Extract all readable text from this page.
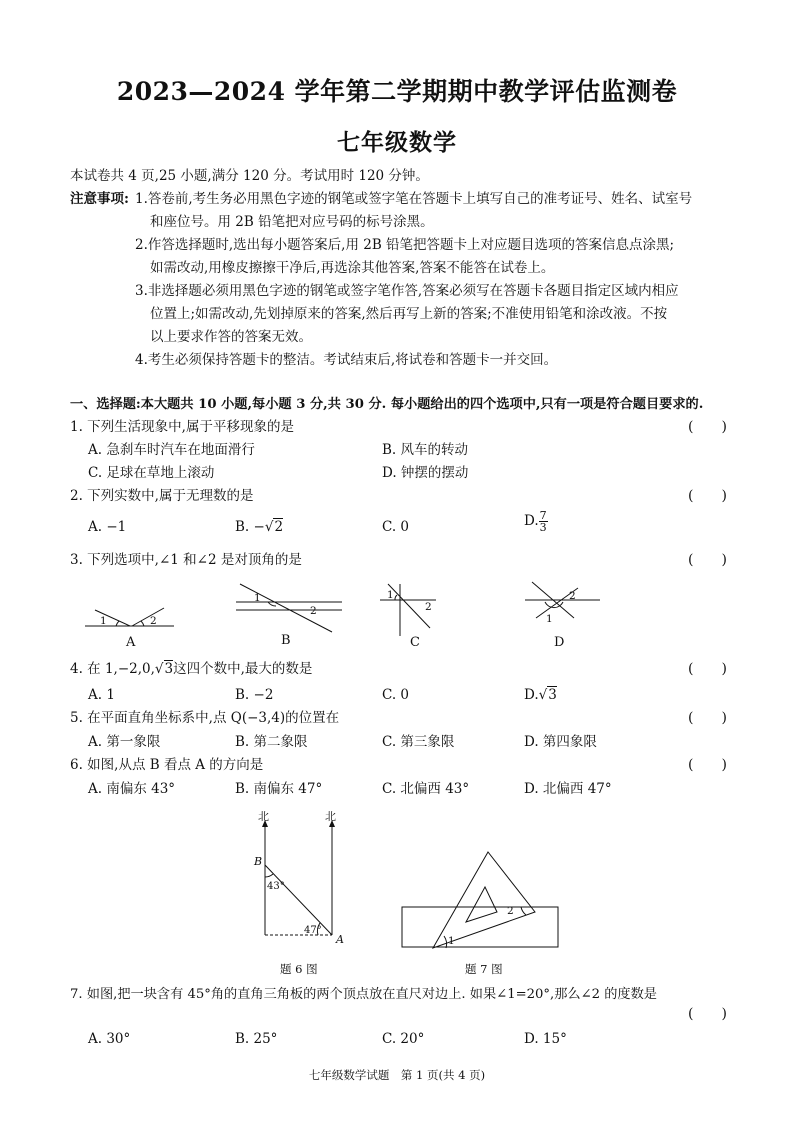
2023—2024 学年第二学期期中教学评估监测卷
七年级数学
本试卷共 4 页,25 小题,满分 120 分。考试用时 120 分钟。
注意事项: 1.答卷前,考生务必用黑色字迹的钢笔或签字笔在答题卡上填写自己的准考证号、姓名、试室号
和座位号。用 2B 铅笔把对应号码的标号涂黑。
2.作答选择题时,选出每小题答案后,用 2B 铅笔把答题卡上对应题目选项的答案信息点涂黑;
如需改动,用橡皮擦擦干净后,再选涂其他答案,答案不能答在试卷上。
3.非选择题必须用黑色字迹的钢笔或签字笔作答,答案必须写在答题卡各题目指定区域内相应
位置上;如需改动,先划掉原来的答案,然后再写上新的答案;不准使用铅笔和涂改液。不按
以上要求作答的答案无效。
4.考生必须保持答题卡的整洁。考试结束后,将试卷和答题卡一并交回。
一、选择题:本大题共 10 小题,每小题 3 分,共 30 分. 每小题给出的四个选项中,只有一项是符合题目要求的.
1. 下列生活现象中,属于平移现象的是	(　　)
A. 急刹车时汽车在地面滑行	B. 风车的转动
C. 足球在草地上滚动	D. 钟摆的摆动
2. 下列实数中,属于无理数的是	(　　)
A. −1	B. −√2	C. 0	D. $\frac{7}{3}$
3. 下列选项中,∠1 和∠2 是对顶角的是	(　　)
1	2
A
1
2
B
1
2
C
2
1
D
4. 在 1,−2,0,√3这四个数中,最大的数是	(　　)
A. 1	B. −2	C. 0	D.√3
5. 在平面直角坐标系中,点 Q(−3,4)的位置在	(　　)
A. 第一象限	B. 第二象限	C. 第三象限	D. 第四象限
6. 如图,从点 B 看点 A 的方向是	(　　)
A. 南偏东 43°	B. 南偏东 47°	C. 北偏西 43°	D. 北偏西 47°
北	北
B
A
43°
47°
题 6 图
1
2
题 7 图
7. 如图,把一块含有 45°角的直角三角板的两个顶点放在直尺对边上. 如果∠1=20°,那么∠2 的度数是
(　　)
A. 30°	B. 25°	C. 20°	D. 15°
七年级数学试题　第 1 页(共 4 页)
